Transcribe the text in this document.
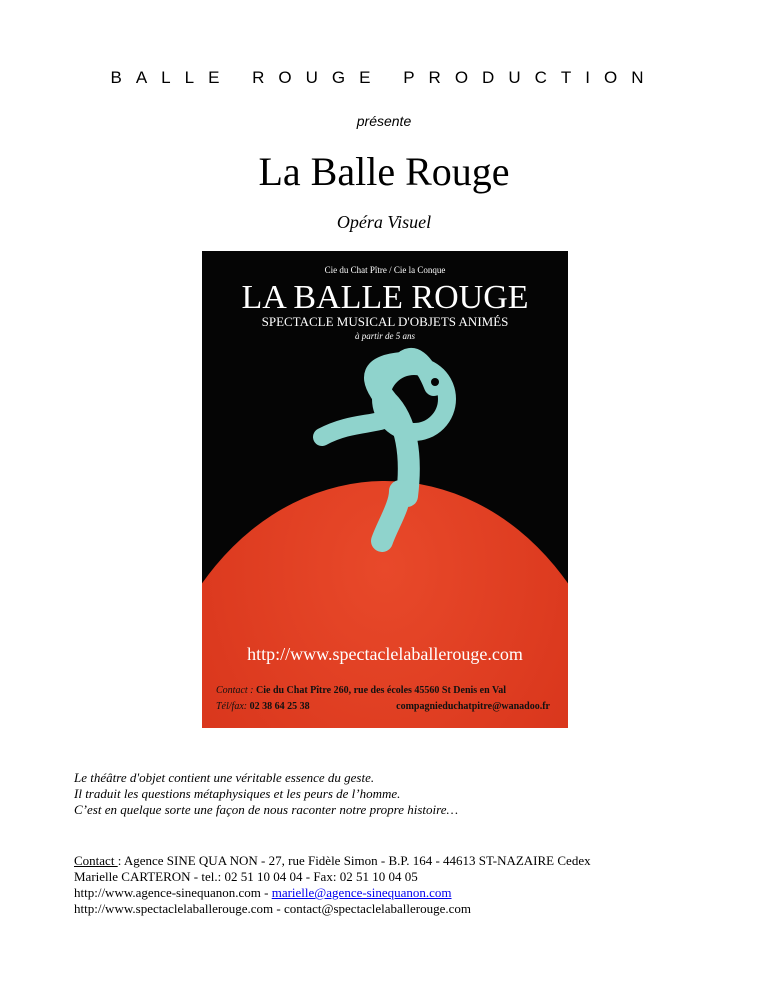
BALLE ROUGE PRODUCTION
présente
La Balle Rouge
Opéra Visuel
Cie du Chat Pître / Cie la Conque
LA BALLE ROUGE
SPECTACLE MUSICAL D'OBJETS ANIMÉS
à partir de 5 ans
http://www.spectaclelaballerouge.com
Contact : Cie du Chat Pître 260, rue des écoles 45560 St Denis en Val
Tél/fax: 02 38 64 25 38	compagnieduchatpitre@wanadoo.fr
Le théâtre d'objet contient une véritable essence du geste.
Il traduit les questions métaphysiques et les peurs de l’homme.
C’est en quelque sorte une façon de nous raconter notre propre histoire…
Contact : Agence SINE QUA NON - 27, rue Fidèle Simon - B.P. 164 - 44613 ST-NAZAIRE Cedex
Marielle CARTERON - tel.: 02 51 10 04 04 - Fax: 02 51 10 04 05
http://www.agence-sinequanon.com - marielle@agence-sinequanon.com
http://www.spectaclelaballerouge.com - contact@spectaclelaballerouge.com
